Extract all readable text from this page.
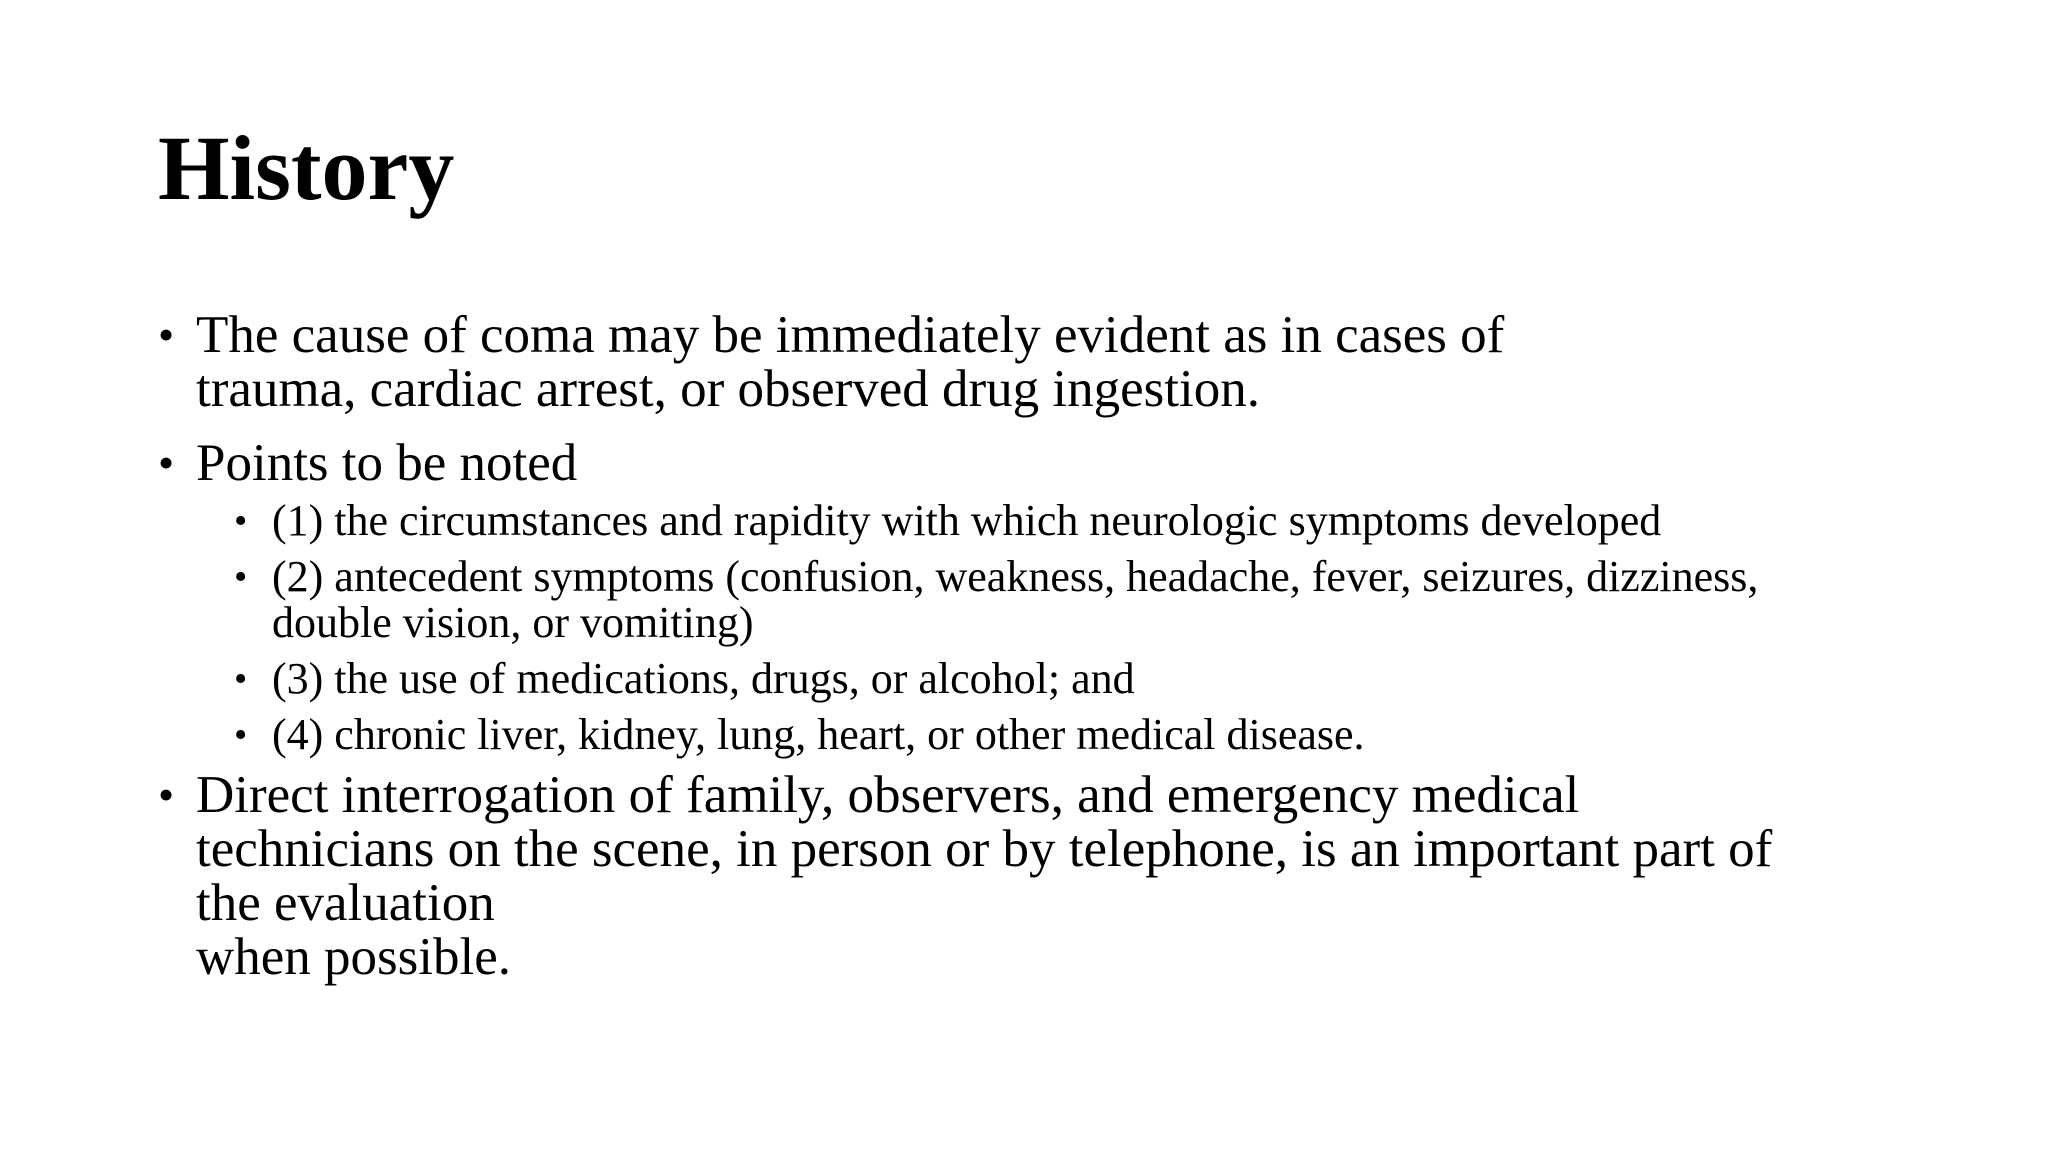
History
• The cause of coma may be immediately evident as in cases of
trauma, cardiac arrest, or observed drug ingestion.
• Points to be noted
• (1) the circumstances and rapidity with which neurologic symptoms developed
• (2) antecedent symptoms (confusion, weakness, headache, fever, seizures, dizziness,
double vision, or vomiting)
• (3) the use of medications, drugs, or alcohol; and
• (4) chronic liver, kidney, lung, heart, or other medical disease.
• Direct interrogation of family, observers, and emergency medical
technicians on the scene, in person or by telephone, is an important part of
the evaluation
when possible.
